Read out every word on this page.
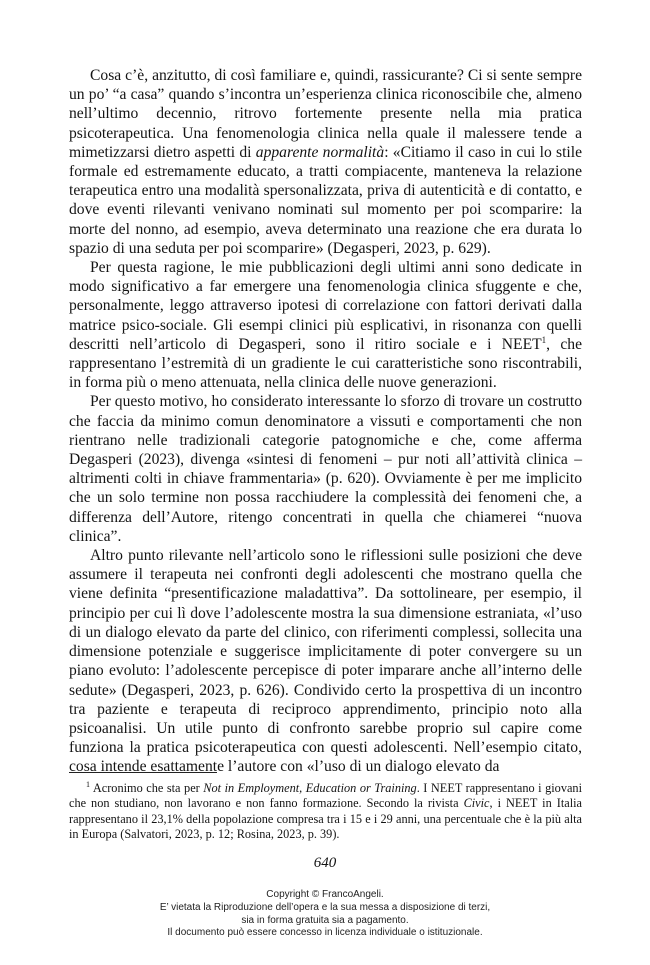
Cosa c’è, anzitutto, di così familiare e, quindi, rassicurante? Ci si sente sempre un po’ “a casa” quando s’incontra un’esperienza clinica riconoscibile che, almeno nell’ultimo decennio, ritrovo fortemente presente nella mia pratica psicoterapeutica. Una fenomenologia clinica nella quale il malessere tende a mimetizzarsi dietro aspetti di apparente normalità: «Citiamo il caso in cui lo stile formale ed estremamente educato, a tratti compiacente, manteneva la relazione terapeutica entro una modalità spersonalizzata, priva di autenticità e di contatto, e dove eventi rilevanti venivano nominati sul momento per poi scomparire: la morte del nonno, ad esempio, aveva determinato una reazione che era durata lo spazio di una seduta per poi scomparire» (Degasperi, 2023, p. 629).

Per questa ragione, le mie pubblicazioni degli ultimi anni sono dedicate in modo significativo a far emergere una fenomenologia clinica sfuggente e che, personalmente, leggo attraverso ipotesi di correlazione con fattori derivati dalla matrice psico-sociale. Gli esempi clinici più esplicativi, in risonanza con quelli descritti nell’articolo di Degasperi, sono il ritiro sociale e i NEET$^1$, che rappresentano l’estremità di un gradiente le cui caratteristiche sono riscontrabili, in forma più o meno attenuata, nella clinica delle nuove generazioni.

Per questo motivo, ho considerato interessante lo sforzo di trovare un costrutto che faccia da minimo comun denominatore a vissuti e comportamenti che non rientrano nelle tradizionali categorie patognomiche e che, come afferma Degasperi (2023), divenga «sintesi di fenomeni – pur noti all’attività clinica – altrimenti colti in chiave frammentaria» (p. 620). Ovviamente è per me implicito che un solo termine non possa racchiudere la complessità dei fenomeni che, a differenza dell’Autore, ritengo concentrati in quella che chiamerei “nuova clinica”.

Altro punto rilevante nell’articolo sono le riflessioni sulle posizioni che deve assumere il terapeuta nei confronti degli adolescenti che mostrano quella che viene definita “presentificazione maladattiva”. Da sottolineare, per esempio, il principio per cui lì dove l’adolescente mostra la sua dimensione estraniata, «l’uso di un dialogo elevato da parte del clinico, con riferimenti complessi, sollecita una dimensione potenziale e suggerisce implicitamente di poter convergere su un piano evoluto: l’adolescente percepisce di poter imparare anche all’interno delle sedute» (Degasperi, 2023, p. 626). Condivido certo la prospettiva di un incontro tra paziente e terapeuta di reciproco apprendimento, principio noto alla psicoanalisi. Un utile punto di confronto sarebbe proprio sul capire come funziona la pratica psicoterapeutica con questi adolescenti. Nell’esempio citato, cosa intende esattamente l’autore con «l’uso di un dialogo elevato da

$^1$ Acronimo che sta per Not in Employment, Education or Training. I NEET rappresentano i giovani che non studiano, non lavorano e non fanno formazione. Secondo la rivista Civic, i NEET in Italia rappresentano il 23,1% della popolazione compresa tra i 15 e i 29 anni, una percentuale che è la più alta in Europa (Salvatori, 2023, p. 12; Rosina, 2023, p. 39).

640
Copyright © FrancoAngeli.
E’ vietata la Riproduzione dell’opera e la sua messa a disposizione di terzi,
sia in forma gratuita sia a pagamento.
Il documento può essere concesso in licenza individuale o istituzionale.
